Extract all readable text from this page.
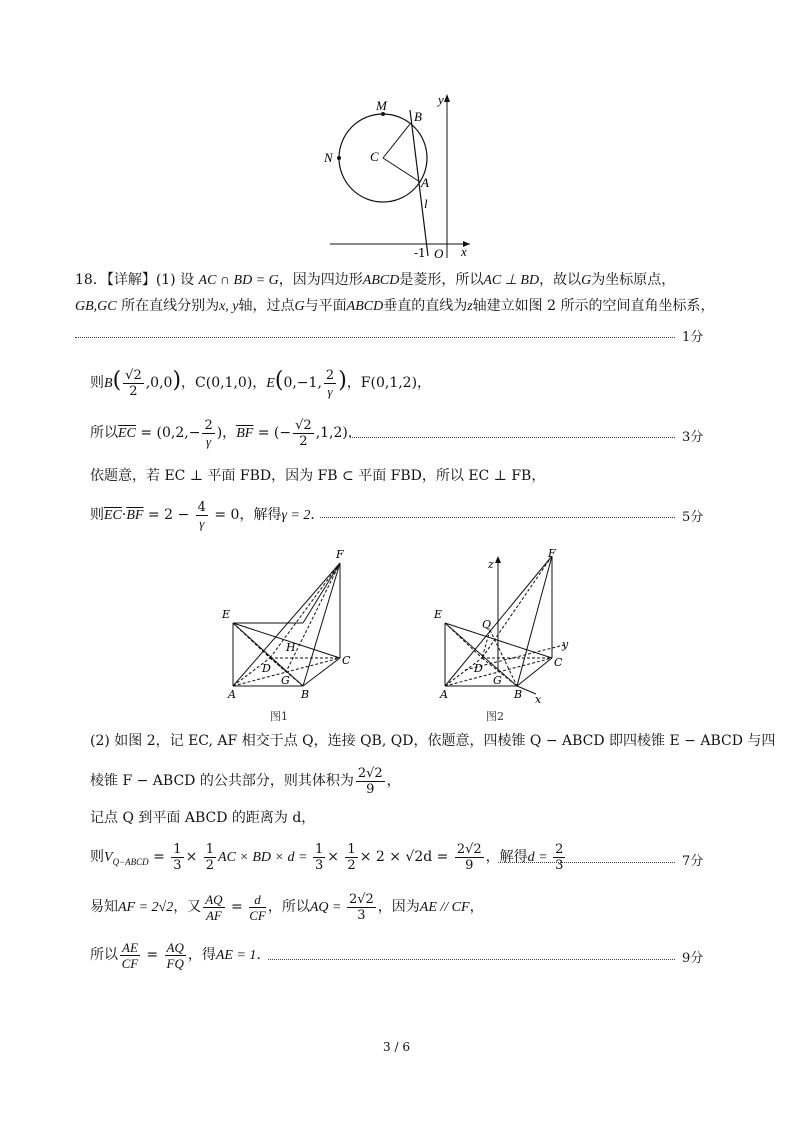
M
B
N	C
A
l
y
x
-1 O
18．【详解】(1) 设 AC ∩ BD = G，因为四边形ABCD是菱形，所以AC ⊥ BD，故以G为坐标原点，
GB,GC 所在直线分别为x, y轴，过点G与平面ABCD垂直的直线为z轴建立如图 2 所示的空间直角坐标系，
1分
则$B( \frac{√2}{2} ,0,0)$，C(0,1,0)，E(0,−1, $\frac{2}{\gamma}$ )，F(0,1,2)，
所以$\overline{EC} = (0,2,- \frac{2}{\gamma}$ )，$\overline{BF}$ = (− $\frac{√2}{2} ,1,2$)．	3分
依题意，若 EC ⊥ 平面 FBD，因为 FB ⊂ 平面 FBD，所以 EC ⊥ FB，
则$\overline{EC}\cdot\overline{BF} = 2 - \frac{4}{\gamma} = 0$，解得γ = 2．	5分
F
E
H
D
G
C
A	B
图1
F
z
E
Q
y
D
G
C
A	B x
图2
(2) 如图 2，记 EC, AF 相交于点 Q，连接 QB, QD，依题意，四棱锥 Q − ABCD 即四棱锥 E − ABCD 与四
棱锥 F − ABCD 的公共部分，则其体积为 $\frac{2√2}{9}$ ，
记点 Q 到平面 ABCD 的距离为 d，
则$V_{Q-ABCD} = \frac{1}{3} \times \frac{1}{2}$ AC × BD × $d = \frac{1}{3} \times \frac{1}{2} \times 2 \times √2d = \frac{2√2}{9}$ ，解得$d = \frac{2}{3}$	7分
易知AF = 2√2，又 $\frac{AQ}{AF} = \frac{d}{CF}$ ，所以AQ = $\frac{2√2}{3}$ ，因为AE // CF，
所以 $\frac{AE}{CF} = \frac{AQ}{FQ}$ ，得AE = 1．	9分
3 / 6
